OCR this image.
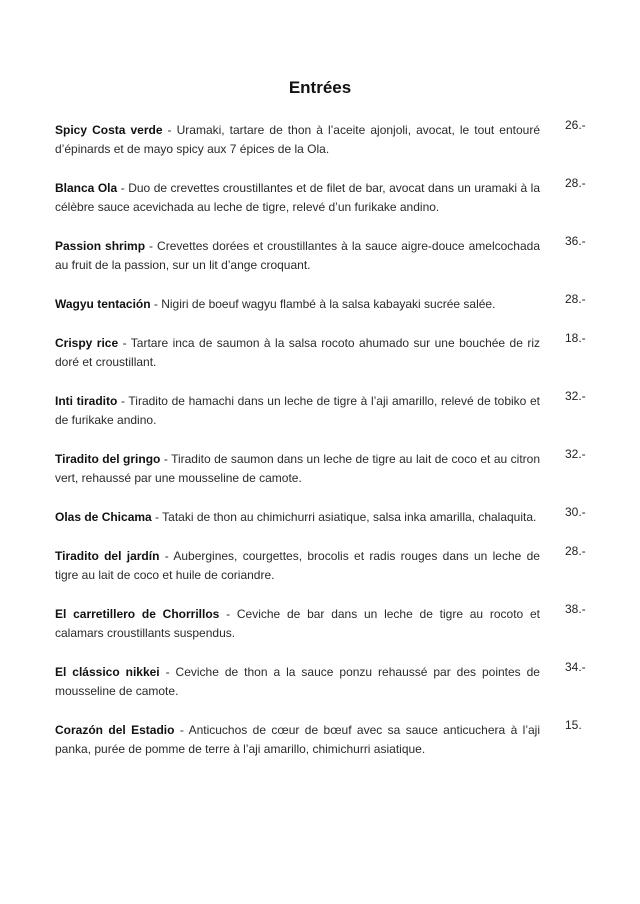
Entrées
Spicy Costa verde - Uramaki, tartare de thon à l’aceite ajonjoli, avocat, le tout entouré d’épinards et de mayo spicy aux 7 épices de la Ola.
26.-
Blanca Ola - Duo de crevettes croustillantes et de filet de bar, avocat dans un uramaki à la célèbre sauce acevichada au leche de tigre, relevé d’un furikake andino.
28.-
Passion shrimp - Crevettes dorées et croustillantes à la sauce aigre-douce amelcochada au fruit de la passion, sur un lit d’ange croquant.
36.-
Wagyu tentación - Nigiri de boeuf wagyu flambé à la salsa kabayaki sucrée salée.	28.-
Crispy rice - Tartare inca de saumon à la salsa rocoto ahumado sur une bouchée de riz doré et croustillant.
18.-
Inti tiradito - Tiradito de hamachi dans un leche de tigre à l’aji amarillo, relevé de tobiko et de furikake andino.
32.-
Tiradito del gringo - Tiradito de saumon dans un leche de tigre au lait de coco et au citron vert, rehaussé par une mousseline de camote.
32.-
Olas de Chicama - Tataki de thon au chimichurri asiatique, salsa inka amarilla, chalaquita.	30.-
Tiradito del jardín - Aubergines, courgettes, brocolis et radis rouges dans un leche de tigre au lait de coco et huile de coriandre.
28.-
El carretillero de Chorrillos - Ceviche de bar dans un leche de tigre au rocoto et calamars croustillants suspendus.
38.-
El clássico nikkei - Ceviche de thon a la sauce ponzu rehaussé par des pointes de mousseline de camote.
34.-
Corazón del Estadio - Anticuchos de cœur de bœuf avec sa sauce anticuchera à l’aji panka, purée de pomme de terre à l’aji amarillo, chimichurri asiatique.
15.
